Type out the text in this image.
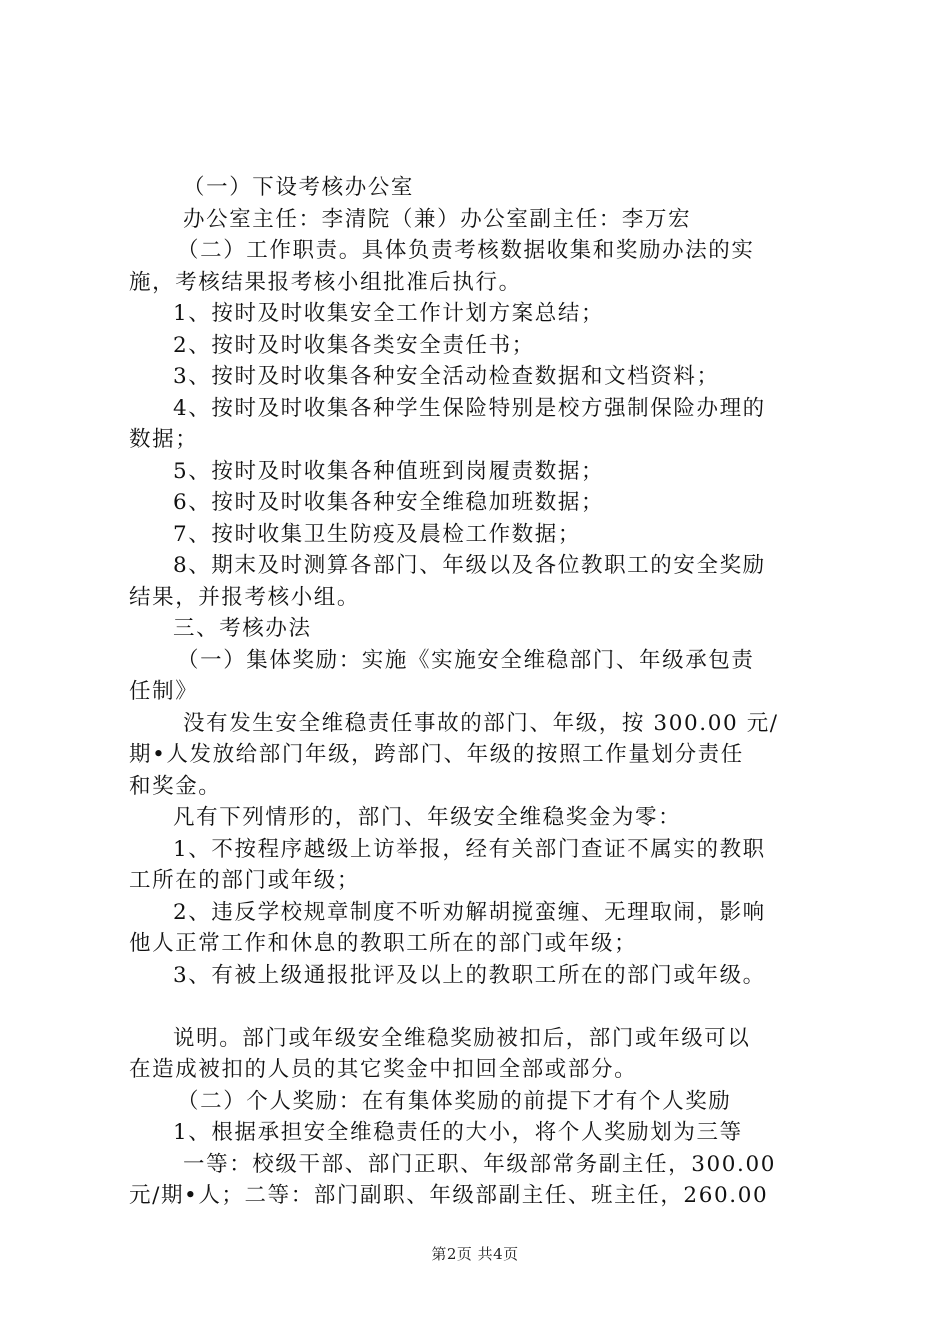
（一）下设考核办公室

办公室主任：李清院（兼）办公室副主任：李万宏

（二）工作职责。具体负责考核数据收集和奖励办法的实

施，考核结果报考核小组批准后执行。

1、按时及时收集安全工作计划方案总结；

2、按时及时收集各类安全责任书；

3、按时及时收集各种安全活动检查数据和文档资料；

4、按时及时收集各种学生保险特别是校方强制保险办理的

数据；

5、按时及时收集各种值班到岗履责数据；

6、按时及时收集各种安全维稳加班数据；

7、按时收集卫生防疫及晨检工作数据；

8、期末及时测算各部门、年级以及各位教职工的安全奖励

结果，并报考核小组。

三、考核办法

（一）集体奖励：实施《实施安全维稳部门、年级承包责

任制》

没有发生安全维稳责任事故的部门、年级，按 300.00 元/

期•人发放给部门年级，跨部门、年级的按照工作量划分责任

和奖金。

凡有下列情形的，部门、年级安全维稳奖金为零：

1、不按程序越级上访举报，经有关部门查证不属实的教职

工所在的部门或年级；

2、违反学校规章制度不听劝解胡搅蛮缠、无理取闹，影响

他人正常工作和休息的教职工所在的部门或年级；

3、有被上级通报批评及以上的教职工所在的部门或年级。

说明。部门或年级安全维稳奖励被扣后，部门或年级可以

在造成被扣的人员的其它奖金中扣回全部或部分。

（二）个人奖励：在有集体奖励的前提下才有个人奖励

1、根据承担安全维稳责任的大小，将个人奖励划为三等

一等：校级干部、部门正职、年级部常务副主任，300.00

元/期•人；二等：部门副职、年级部副主任、班主任，260.00

第2页 共4页
